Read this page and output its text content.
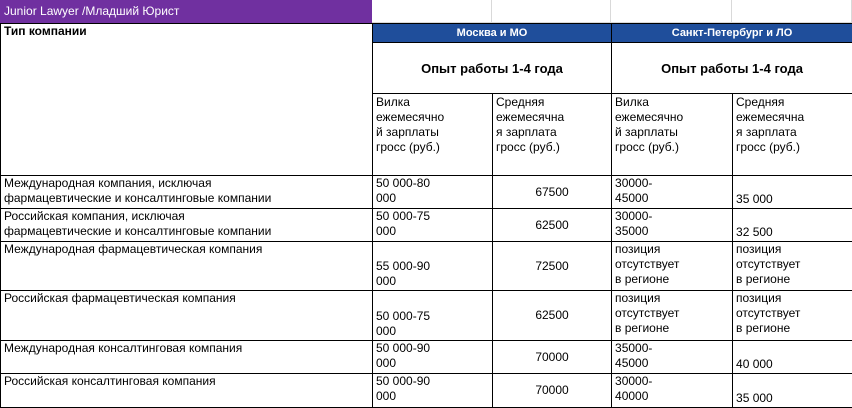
Junior Lawyer /Младший Юрист
Тип компании	Москва и МО		Санкт-Петербург и ЛО	
	Опыт работы 1-4 года		Опыт работы 1-4 года	
	Вилка
ежемесячно
й зарплаты
гросс (руб.)	Средняя
ежемесячна
я зарплата
гросс (руб.)	Вилка
ежемесячно
й зарплаты
гросс (руб.)	Средняя
ежемесячна
я зарплата
гросс (руб.)
Международная компания, исключая
фармацевтические и консалтинговые компании	50 000-80
000	67500	30000-
45000	35 000
Российская компания, исключая
фармацевтические и консалтинговые компании	50 000-75
000	62500	30000-
35000	32 500
Международная фармацевтическая компания	55 000-90
000	72500	позиция
отсутствует
в регионе	позиция
отсутствует
в регионе
Российская фармацевтическая компания	50 000-75
000	62500	позиция
отсутствует
в регионе	позиция
отсутствует
в регионе
Международная консалтинговая компания	50 000-90
000	70000	35000-
45000	40 000
Российская консалтинговая компания	50 000-90
000	70000	30000-
40000	35 000
